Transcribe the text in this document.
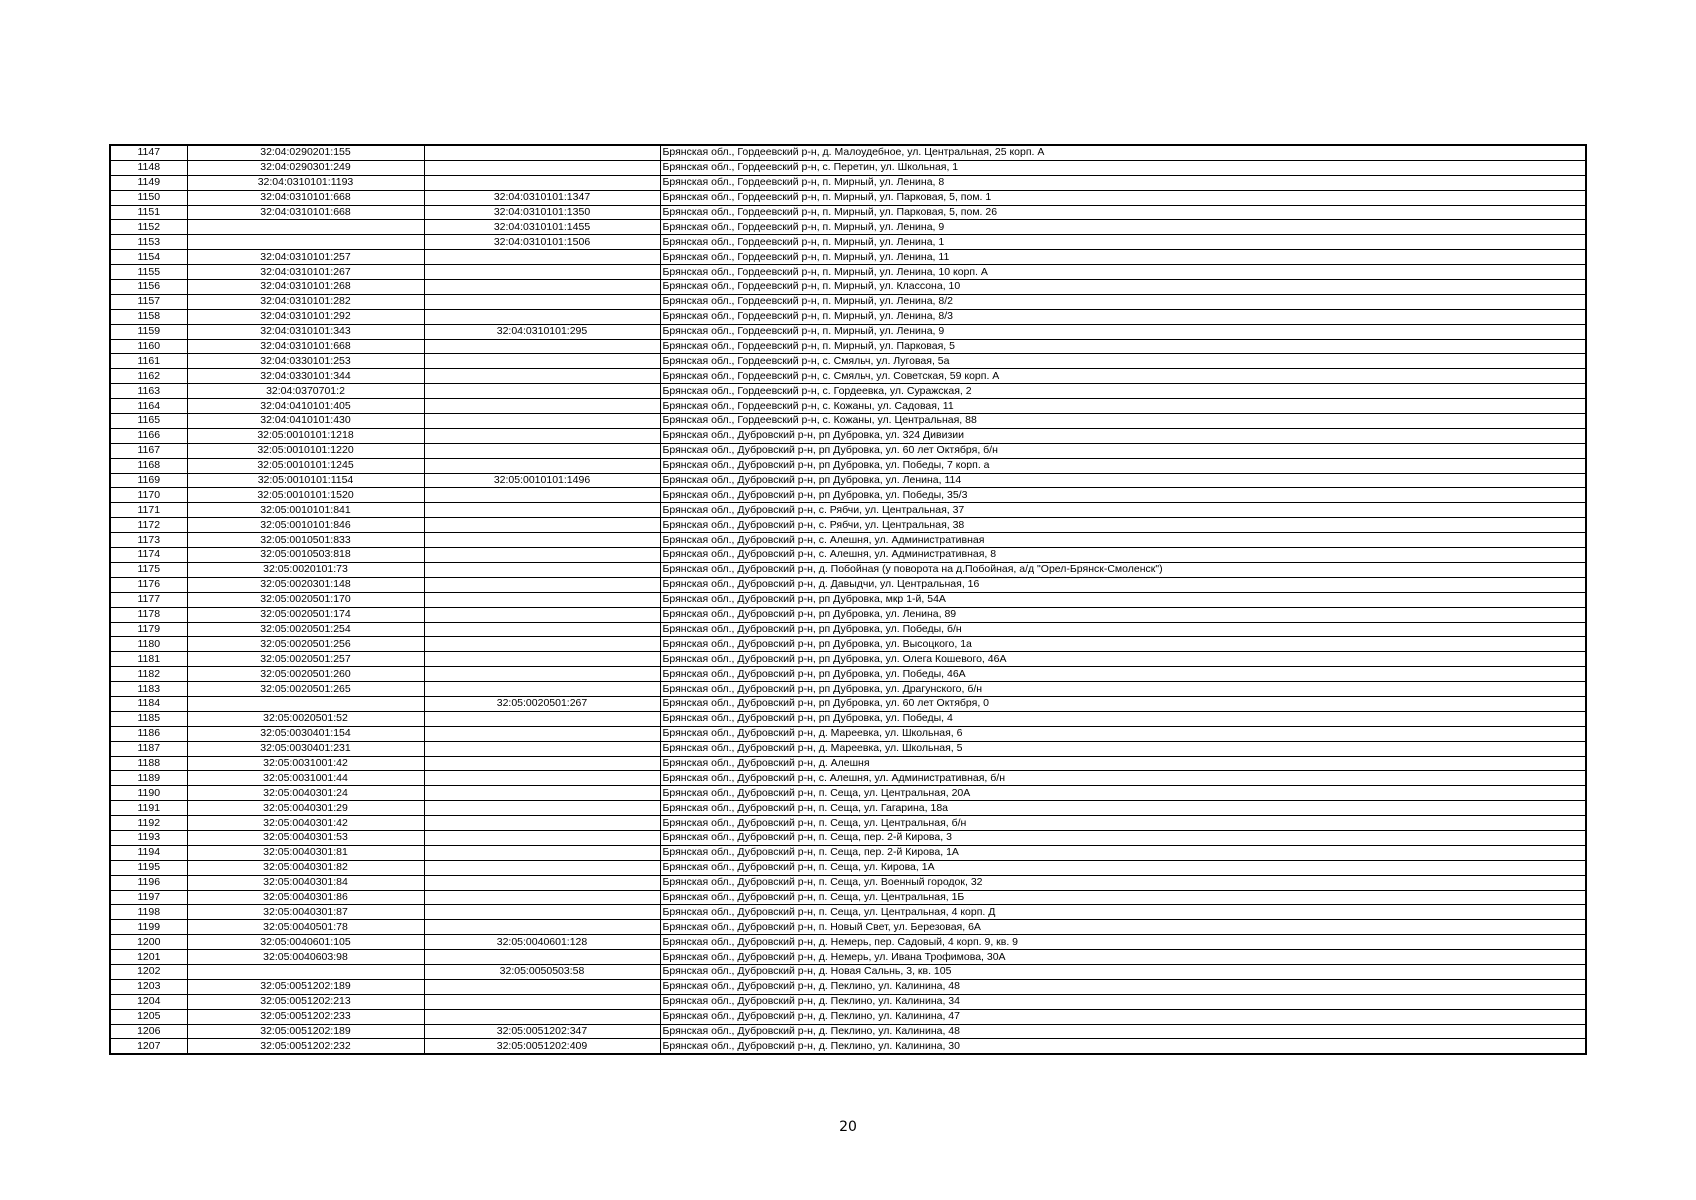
1147	32:04:0290201:155		Брянская обл., Гордеевский р-н, д. Малоудебное, ул. Центральная, 25 корп. А
1148	32:04:0290301:249		Брянская обл., Гордеевский р-н, с. Перетин, ул. Школьная, 1
1149	32:04:0310101:1193		Брянская обл., Гордеевский р-н, п. Мирный, ул. Ленина, 8
1150	32:04:0310101:668	32:04:0310101:1347	Брянская обл., Гордеевский р-н, п. Мирный, ул. Парковая, 5, пом. 1
1151	32:04:0310101:668	32:04:0310101:1350	Брянская обл., Гордеевский р-н, п. Мирный, ул. Парковая, 5, пом. 26
1152		32:04:0310101:1455	Брянская обл., Гордеевский р-н, п. Мирный, ул. Ленина, 9
1153		32:04:0310101:1506	Брянская обл., Гордеевский р-н, п. Мирный, ул. Ленина, 1
1154	32:04:0310101:257		Брянская обл., Гордеевский р-н, п. Мирный, ул. Ленина, 11
1155	32:04:0310101:267		Брянская обл., Гордеевский р-н, п. Мирный, ул. Ленина, 10 корп. А
1156	32:04:0310101:268		Брянская обл., Гордеевский р-н, п. Мирный, ул. Классона, 10
1157	32:04:0310101:282		Брянская обл., Гордеевский р-н, п. Мирный, ул. Ленина, 8/2
1158	32:04:0310101:292		Брянская обл., Гордеевский р-н, п. Мирный, ул. Ленина, 8/3
1159	32:04:0310101:343	32:04:0310101:295	Брянская обл., Гордеевский р-н, п. Мирный, ул. Ленина, 9
1160	32:04:0310101:668		Брянская обл., Гордеевский р-н, п. Мирный, ул. Парковая, 5
1161	32:04:0330101:253		Брянская обл., Гордеевский р-н, с. Смяльч, ул. Луговая, 5а
1162	32:04:0330101:344		Брянская обл., Гордеевский р-н, с. Смяльч, ул. Советская, 59 корп. А
1163	32:04:0370701:2		Брянская обл., Гордеевский р-н, с. Гордеевка, ул. Суражская, 2
1164	32:04:0410101:405		Брянская обл., Гордеевский р-н, с. Кожаны, ул. Садовая, 11
1165	32:04:0410101:430		Брянская обл., Гордеевский р-н, с. Кожаны, ул. Центральная, 88
1166	32:05:0010101:1218		Брянская обл., Дубровский р-н, рп Дубровка, ул. 324 Дивизии
1167	32:05:0010101:1220		Брянская обл., Дубровский р-н, рп Дубровка, ул. 60 лет Октября, б/н
1168	32:05:0010101:1245		Брянская обл., Дубровский р-н, рп Дубровка, ул. Победы, 7 корп. а
1169	32:05:0010101:1154	32:05:0010101:1496	Брянская обл., Дубровский р-н, рп Дубровка, ул. Ленина, 114
1170	32:05:0010101:1520		Брянская обл., Дубровский р-н, рп Дубровка, ул. Победы, 35/3
1171	32:05:0010101:841		Брянская обл., Дубровский р-н, с. Рябчи, ул. Центральная, 37
1172	32:05:0010101:846		Брянская обл., Дубровский р-н, с. Рябчи, ул. Центральная, 38
1173	32:05:0010501:833		Брянская обл., Дубровский р-н, с. Алешня, ул. Административная
1174	32:05:0010503:818		Брянская обл., Дубровский р-н, с. Алешня, ул. Административная, 8
1175	32:05:0020101:73		Брянская обл., Дубровский р-н, д. Побойная (у поворота на д.Побойная, а/д "Орел-Брянск-Смоленск")
1176	32:05:0020301:148		Брянская обл., Дубровский р-н, д. Давыдчи, ул. Центральная, 16
1177	32:05:0020501:170		Брянская обл., Дубровский р-н, рп Дубровка, мкр 1-й, 54А
1178	32:05:0020501:174		Брянская обл., Дубровский р-н, рп Дубровка, ул. Ленина, 89
1179	32:05:0020501:254		Брянская обл., Дубровский р-н, рп Дубровка, ул. Победы, б/н
1180	32:05:0020501:256		Брянская обл., Дубровский р-н, рп Дубровка, ул. Высоцкого, 1а
1181	32:05:0020501:257		Брянская обл., Дубровский р-н, рп Дубровка, ул. Олега Кошевого, 46А
1182	32:05:0020501:260		Брянская обл., Дубровский р-н, рп Дубровка, ул. Победы, 46А
1183	32:05:0020501:265		Брянская обл., Дубровский р-н, рп Дубровка, ул. Драгунского, б/н
1184		32:05:0020501:267	Брянская обл., Дубровский р-н, рп Дубровка, ул. 60 лет Октября, 0
1185	32:05:0020501:52		Брянская обл., Дубровский р-н, рп Дубровка, ул. Победы, 4
1186	32:05:0030401:154		Брянская обл., Дубровский р-н, д. Мареевка, ул. Школьная, 6
1187	32:05:0030401:231		Брянская обл., Дубровский р-н, д. Мареевка, ул. Школьная, 5
1188	32:05:0031001:42		Брянская обл., Дубровский р-н, д. Алешня
1189	32:05:0031001:44		Брянская обл., Дубровский р-н, с. Алешня, ул. Административная, б/н
1190	32:05:0040301:24		Брянская обл., Дубровский р-н, п. Сеща, ул. Центральная, 20А
1191	32:05:0040301:29		Брянская обл., Дубровский р-н, п. Сеща, ул. Гагарина, 18а
1192	32:05:0040301:42		Брянская обл., Дубровский р-н, п. Сеща, ул. Центральная, б/н
1193	32:05:0040301:53		Брянская обл., Дубровский р-н, п. Сеща, пер. 2-й Кирова, 3
1194	32:05:0040301:81		Брянская обл., Дубровский р-н, п. Сеща, пер. 2-й Кирова, 1А
1195	32:05:0040301:82		Брянская обл., Дубровский р-н, п. Сеща, ул. Кирова, 1А
1196	32:05:0040301:84		Брянская обл., Дубровский р-н, п. Сеща, ул. Военный городок, 32
1197	32:05:0040301:86		Брянская обл., Дубровский р-н, п. Сеща, ул. Центральная, 1Б
1198	32:05:0040301:87		Брянская обл., Дубровский р-н, п. Сеща, ул. Центральная, 4 корп. Д
1199	32:05:0040501:78		Брянская обл., Дубровский р-н, п. Новый Свет, ул. Березовая, 6А
1200	32:05:0040601:105	32:05:0040601:128	Брянская обл., Дубровский р-н, д. Немерь, пер. Садовый, 4 корп. 9, кв. 9
1201	32:05:0040603:98		Брянская обл., Дубровский р-н, д. Немерь, ул. Ивана Трофимова, 30А
1202		32:05:0050503:58	Брянская обл., Дубровский р-н, д. Новая Сальнь, 3, кв. 105
1203	32:05:0051202:189		Брянская обл., Дубровский р-н, д. Пеклино, ул. Калинина, 48
1204	32:05:0051202:213		Брянская обл., Дубровский р-н, д. Пеклино, ул. Калинина, 34
1205	32:05:0051202:233		Брянская обл., Дубровский р-н, д. Пеклино, ул. Калинина, 47
1206	32:05:0051202:189	32:05:0051202:347	Брянская обл., Дубровский р-н, д. Пеклино, ул. Калинина, 48
1207	32:05:0051202:232	32:05:0051202:409	Брянская обл., Дубровский р-н, д. Пеклино, ул. Калинина, 30
20
